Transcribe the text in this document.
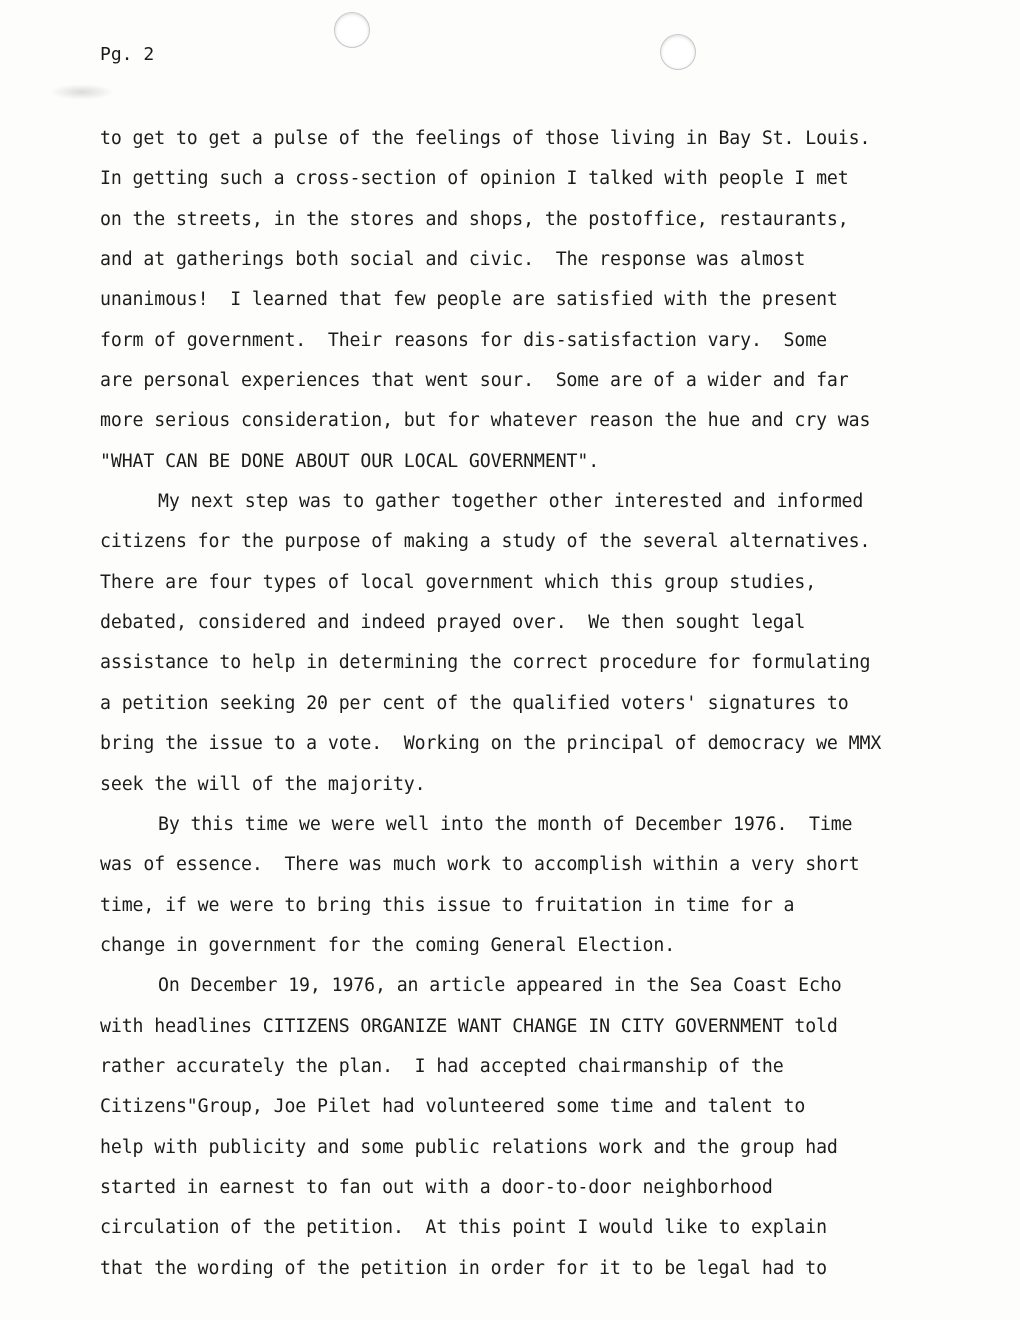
Pg. 2
to get to get a pulse of the feelings of those living in Bay St. Louis.
In getting such a cross-section of opinion I talked with people I met
on the streets, in the stores and shops, the postoffice, restaurants,
and at gatherings both social and civic.  The response was almost
unanimous!  I learned that few people are satisfied with the present
form of government.  Their reasons for dis-satisfaction vary.  Some
are personal experiences that went sour.  Some are of a wider and far
more serious consideration, but for whatever reason the hue and cry was
"WHAT CAN BE DONE ABOUT OUR LOCAL GOVERNMENT".
My next step was to gather together other interested and informed
citizens for the purpose of making a study of the several alternatives.
There are four types of local government which this group studies,
debated, considered and indeed prayed over.  We then sought legal
assistance to help in determining the correct procedure for formulating
a petition seeking 20 per cent of the qualified voters' signatures to
bring the issue to a vote.  Working on the principal of democracy we MMX
seek the will of the majority.
By this time we were well into the month of December 1976.  Time
was of essence.  There was much work to accomplish within a very short
time, if we were to bring this issue to fruitation in time for a
change in government for the coming General Election.
On December 19, 1976, an article appeared in the Sea Coast Echo
with headlines CITIZENS ORGANIZE WANT CHANGE IN CITY GOVERNMENT told
rather accurately the plan.  I had accepted chairmanship of the
Citizens"Group, Joe Pilet had volunteered some time and talent to
help with publicity and some public relations work and the group had
started in earnest to fan out with a door-to-door neighborhood
circulation of the petition.  At this point I would like to explain
that the wording of the petition in order for it to be legal had to
